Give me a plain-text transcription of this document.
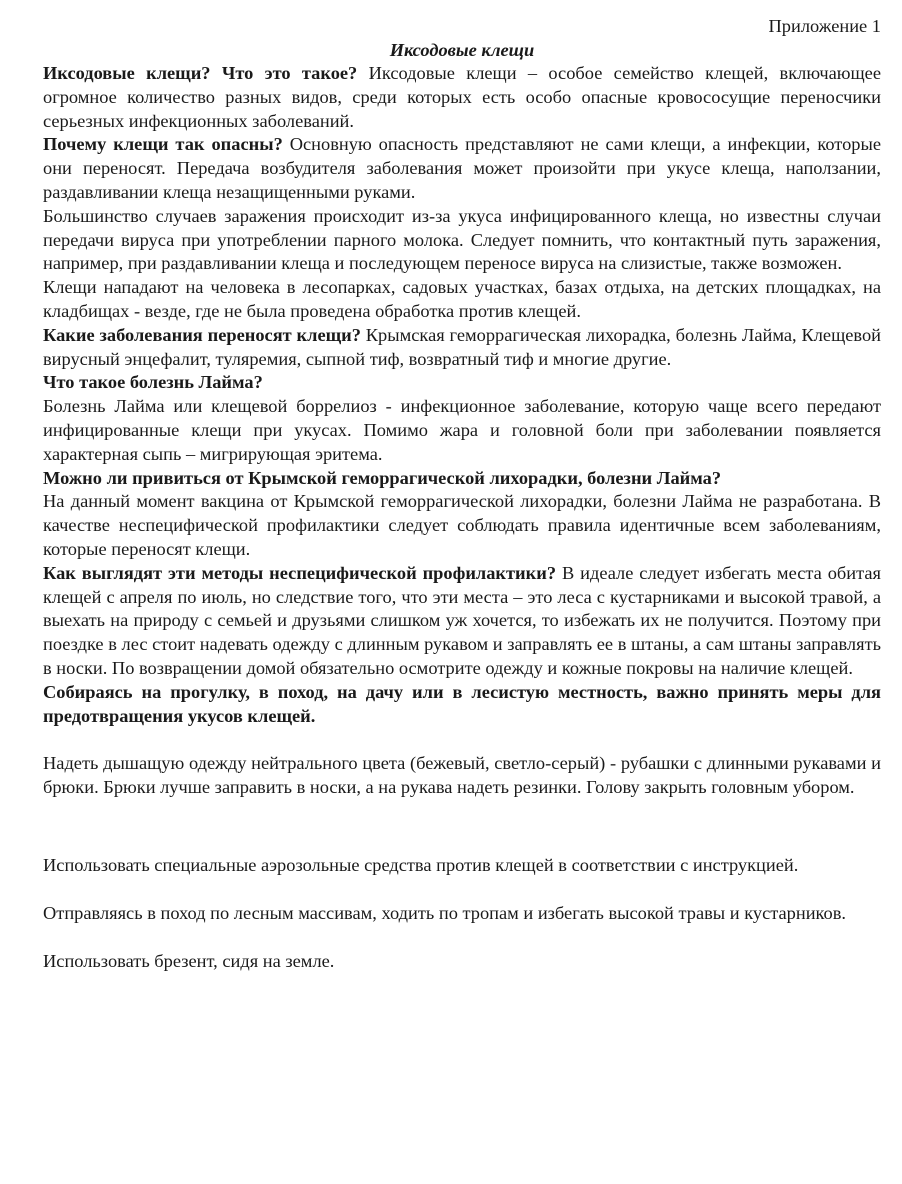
Приложение 1

Иксодовые клещи

Иксодовые клещи? Что это такое? Иксодовые клещи – особое семейство клещей, включающее огромное количество разных видов, среди которых есть особо опасные кровососущие переносчики серьезных инфекционных заболеваний.

Почему клещи так опасны? Основную опасность представляют не сами клещи, а инфекции, которые они переносят. Передача возбудителя заболевания может произойти при укусе клеща, наползании, раздавливании клеща незащищенными руками.

Большинство случаев заражения происходит из-за укуса инфицированного клеща, но известны случаи передачи вируса при употреблении парного молока. Следует помнить, что контактный путь заражения, например, при раздавливании клеща и последующем переносе вируса на слизистые, также возможен.

Клещи нападают на человека в лесопарках, садовых участках, базах отдыха, на детских площадках, на кладбищах - везде, где не была проведена обработка против клещей.

Какие заболевания переносят клещи? Крымская геморрагическая лихорадка, болезнь Лайма, Клещевой вирусный энцефалит, туляремия, сыпной тиф, возвратный тиф и многие другие.

Что такое болезнь Лайма?

Болезнь Лайма или клещевой боррелиоз - инфекционное заболевание, которую чаще всего передают инфицированные клещи при укусах. Помимо жара и головной боли при заболевании появляется характерная сыпь – мигрирующая эритема.

Можно ли привиться от Крымской геморрагической лихорадки, болезни Лайма?

На данный момент вакцина от Крымской геморрагической лихорадки, болезни Лайма не разработана. В качестве неспецифической профилактики следует соблюдать правила идентичные всем заболеваниям, которые переносят клещи.

Как выглядят эти методы неспецифической профилактики? В идеале следует избегать места обитая клещей с апреля по июль, но следствие того, что эти места – это леса с кустарниками и высокой травой, а выехать на природу с семьей и друзьями слишком уж хочется, то избежать их не получится. Поэтому при поездке в лес стоит надевать одежду с длинным рукавом и заправлять ее в штаны, а сам штаны заправлять в носки. По возвращении домой обязательно осмотрите одежду и кожные покровы на наличие клещей.

Собираясь на прогулку, в поход, на дачу или в лесистую местность, важно принять меры для предотвращения укусов клещей.

Надеть дышащую одежду нейтрального цвета (бежевый, светло-серый) - рубашки с длинными рукавами и брюки. Брюки лучше заправить в носки, а на рукава надеть резинки. Голову закрыть головным убором.

Использовать специальные аэрозольные средства против клещей в соответствии с инструкцией.

Отправляясь в поход по лесным массивам, ходить по тропам и избегать высокой травы и кустарников.

Использовать брезент, сидя на земле.
